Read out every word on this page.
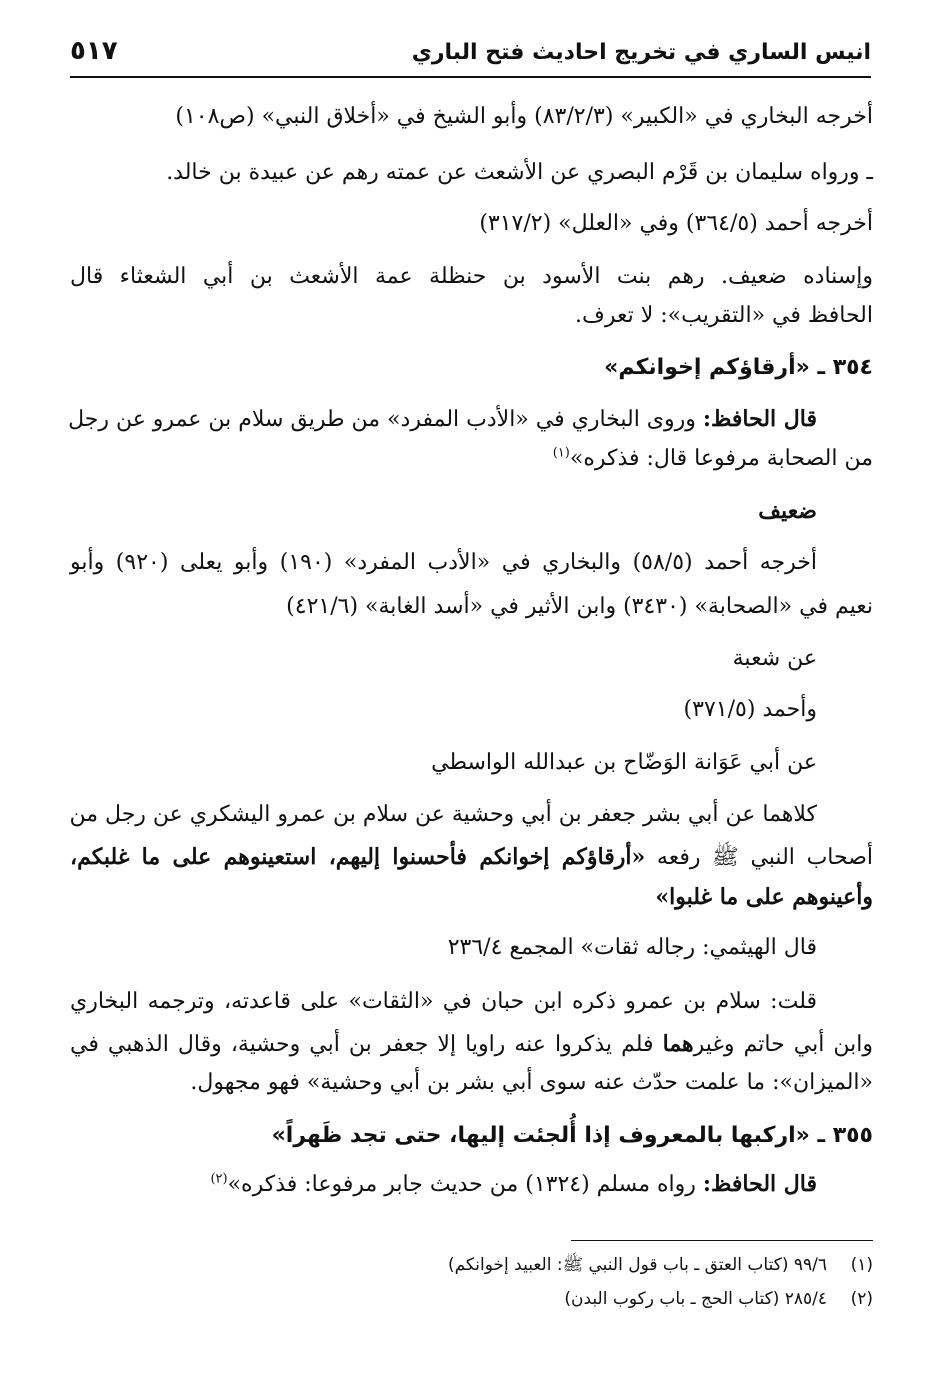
انيس الساري في تخريج احاديث فتح الباري
٥١٧
أخرجه البخاري في «الكبير» (٨٣/٢/٣) وأبو الشيخ في «أخلاق النبي» (ص١٠٨)
ـ ورواه سليمان بن قَرْم البصري عن الأشعث عن عمته رهم عن عبيدة بن خالد.
أخرجه أحمد (٣٦٤/٥) وفي «العلل» (٣١٧/٢)
وإسناده ضعيف. رهم بنت الأسود بن حنظلة عمة الأشعث بن أبي الشعثاء قال
الحافظ في «التقريب»: لا تعرف.
٣٥٤ ـ «أرقاؤكم إخوانكم»
قال الحافظ: وروى البخاري في «الأدب المفرد» من طريق سلام بن عمرو عن رجل
من الصحابة مرفوعا قال: فذكره»$^{(١)}$
ضعيف
أخرجه أحمد (٥٨/٥) والبخاري في «الأدب المفرد» (١٩٠) وأبو يعلى (٩٢٠) وأبو
نعيم في «الصحابة» (٣٤٣٠) وابن الأثير في «أسد الغابة» (٤٢١/٦)
عن شعبة
وأحمد (٣٧١/٥)
عن أبي عَوَانة الوَضّاح بن عبدالله الواسطي
كلاهما عن أبي بشر جعفر بن أبي وحشية عن سلام بن عمرو اليشكري عن رجل من
أصحاب النبي ﷺ رفعه «أرقاؤكم إخوانكم فأحسنوا إليهم، استعينوهم على ما غلبكم،
وأعينوهم على ما غلبوا»
قال الهيثمي: رجاله ثقات» المجمع ٢٣٦/٤
قلت: سلام بن عمرو ذكره ابن حبان في «الثقات» على قاعدته، وترجمه البخاري
وابن أبي حاتم وغيرهما فلم يذكروا عنه راويا إلا جعفر بن أبي وحشية، وقال الذهبي في
«الميزان»: ما علمت حدّث عنه سوى أبي بشر بن أبي وحشية» فهو مجهول.
٣٥٥ ـ «اركبها بالمعروف إذا أُلجئت إليها، حتى تجد ظَهراً»
قال الحافظ: رواه مسلم (١٣٢٤) من حديث جابر مرفوعا: فذكره»$^{(٢)}$
(١)٩٩/٦ (كتاب العتق ـ باب قول النبي ﷺ: العبيد إخوانكم)
(٢)٢٨٥/٤ (كتاب الحج ـ باب ركوب البدن)
